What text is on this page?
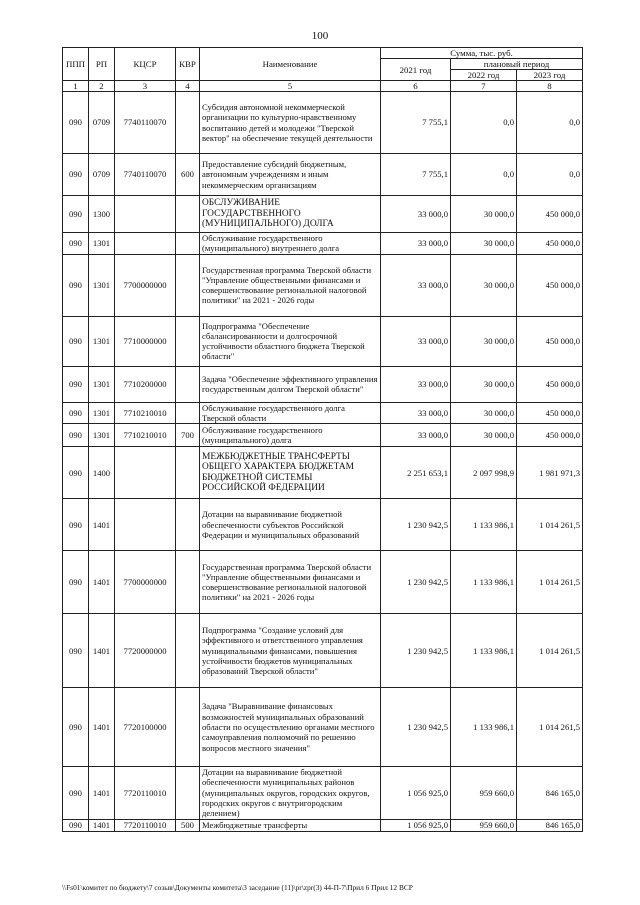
100
ППП	РП	КЦСР	КВР	Наименование	Сумма, тыс. руб.		
					2021 год	плановый период	
						2022 год	2023 год
1	2	3	4	5	6	7	8
090	0709	7740110070		Субсидия автономной некоммерческой организации по культурно-нравственному воспитанию детей и молодежи "Тверской вектор" на обеспечение текущей деятельности	7 755,1	0,0	0,0
090	0709	7740110070	600	Предоставление субсидий бюджетным, автономным учреждениям и иным некоммерческим организациям	7 755,1	0,0	0,0
090	1300			ОБСЛУЖИВАНИЕ ГОСУДАРСТВЕННОГО (МУНИЦИПАЛЬНОГО) ДОЛГА	33 000,0	30 000,0	450 000,0
090	1301			Обслуживание государственного (муниципального) внутреннего долга	33 000,0	30 000,0	450 000,0
090	1301	7700000000		Государственная программа Тверской области "Управление общественными финансами и совершенствование региональной налоговой политики" на 2021 - 2026 годы	33 000,0	30 000,0	450 000,0
090	1301	7710000000		Подпрограмма "Обеспечение сбалансированности и долгосрочной устойчивости областного бюджета Тверской области"	33 000,0	30 000,0	450 000,0
090	1301	7710200000		Задача "Обеспечение эффективного управления государственным долгом Тверской области"	33 000,0	30 000,0	450 000,0
090	1301	7710210010		Обслуживание государственного долга Тверской области	33 000,0	30 000,0	450 000,0
090	1301	7710210010	700	Обслуживание государственного (муниципального) долга	33 000,0	30 000,0	450 000,0
090	1400			МЕЖБЮДЖЕТНЫЕ ТРАНСФЕРТЫ ОБЩЕГО ХАРАКТЕРА БЮДЖЕТАМ БЮДЖЕТНОЙ СИСТЕМЫ РОССИЙСКОЙ ФЕДЕРАЦИИ	2 251 653,1	2 097 998,9	1 981 971,3
090	1401			Дотации на выравнивание бюджетной обеспеченности субъектов Российской Федерации и муниципальных образований	1 230 942,5	1 133 986,1	1 014 261,5
090	1401	7700000000		Государственная программа Тверской области "Управление общественными финансами и совершенствование региональной налоговой политики" на 2021 - 2026 годы	1 230 942,5	1 133 986,1	1 014 261,5
090	1401	7720000000		Подпрограмма "Создание условий для эффективного и ответственного управления муниципальными финансами, повышения устойчивости бюджетов муниципальных образований Тверской области"	1 230 942,5	1 133 986,1	1 014 261,5
090	1401	7720100000		Задача "Выравнивание финансовых возможностей муниципальных образований области по осуществлению органами местного самоуправления полномочий по решению вопросов местного значения"	1 230 942,5	1 133 986,1	1 014 261,5
090	1401	7720110010		Дотации на выравнивание бюджетной обеспеченности муниципальных районов (муниципальных округов, городских округов, городских округов с внутригородским делением)	1 056 925,0	959 660,0	846 165,0
090	1401	7720110010	500	Межбюджетные трансферты	1 056 925,0	959 660,0	846 165,0
\\Fs01\комитет по бюджету\7 созыв\Документы комитета\3 заседание (11)\pr\zpr(3) 44-П-7\Прил 6 Прил 12 ВСР
